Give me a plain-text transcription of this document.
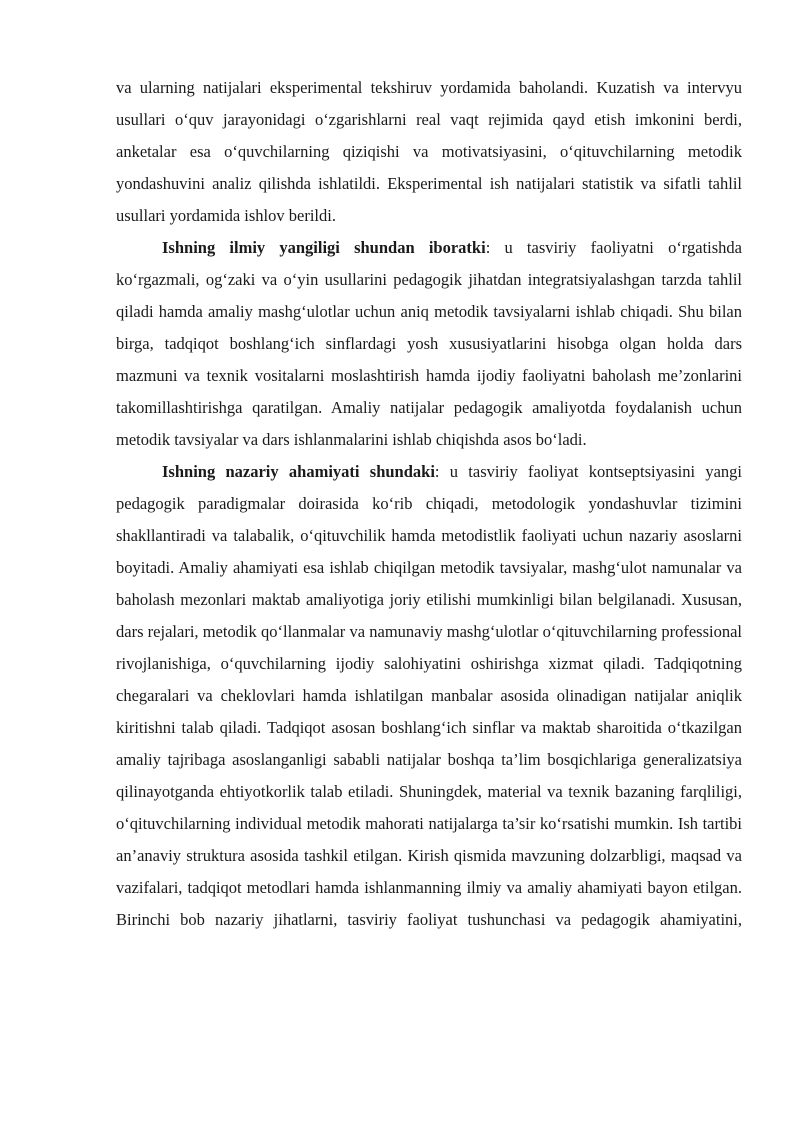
va ularning natijalari eksperimental tekshiruv yordamida baholandi. Kuzatish va intervyu usullari o‘quv jarayonidagi o‘zgarishlarni real vaqt rejimida qayd etish imkonini berdi, anketalar esa o‘quvchilarning qiziqishi va motivatsiyasini, o‘qituvchilarning metodik yondashuvini analiz qilishda ishlatildi. Eksperimental ish natijalari statistik va sifatli tahlil usullari yordamida ishlov berildi.

Ishning ilmiy yangiligi shundan iboratki: u tasviriy faoliyatni o‘rgatishda ko‘rgazmali, og‘zaki va o‘yin usullarini pedagogik jihatdan integratsiyalashgan tarzda tahlil qiladi hamda amaliy mashg‘ulotlar uchun aniq metodik tavsiyalarni ishlab chiqadi. Shu bilan birga, tadqiqot boshlang‘ich sinflardagi yosh xususiyatlarini hisobga olgan holda dars mazmuni va texnik vositalarni moslashtirish hamda ijodiy faoliyatni baholash me’zonlarini takomillashtirishga qaratilgan. Amaliy natijalar pedagogik amaliyotda foydalanish uchun metodik tavsiyalar va dars ishlanmalarini ishlab chiqishda asos bo‘ladi.

Ishning nazariy ahamiyati shundaki: u tasviriy faoliyat kontseptsiyasini yangi pedagogik paradigmalar doirasida ko‘rib chiqadi, metodologik yondashuvlar tizimini shakllantiradi va talabalik, o‘qituvchilik hamda metodistlik faoliyati uchun nazariy asoslarni boyitadi. Amaliy ahamiyati esa ishlab chiqilgan metodik tavsiyalar, mashg‘ulot namunalar va baholash mezonlari maktab amaliyotiga joriy etilishi mumkinligi bilan belgilanadi. Xususan, dars rejalari, metodik qo‘llanmalar va namunaviy mashg‘ulotlar o‘qituvchilarning professional rivojlanishiga, o‘quvchilarning ijodiy salohiyatini oshirishga xizmat qiladi. Tadqiqotning chegaralari va cheklovlari hamda ishlatilgan manbalar asosida olinadigan natijalar aniqlik kiritishni talab qiladi. Tadqiqot asosan boshlang‘ich sinflar va maktab sharoitida o‘tkazilgan amaliy tajribaga asoslanganligi sababli natijalar boshqa ta’lim bosqichlariga generalizatsiya qilinayotganda ehtiyotkorlik talab etiladi. Shuningdek, material va texnik bazaning farqliligi, o‘qituvchilarning individual metodik mahorati natijalarga ta’sir ko‘rsatishi mumkin. Ish tartibi an’anaviy struktura asosida tashkil etilgan. Kirish qismida mavzuning dolzarbligi, maqsad va vazifalari, tadqiqot metodlari hamda ishlanmanning ilmiy va amaliy ahamiyati bayon etilgan. Birinchi bob nazariy jihatlarni, tasviriy faoliyat tushunchasi va pedagogik ahamiyatini,
